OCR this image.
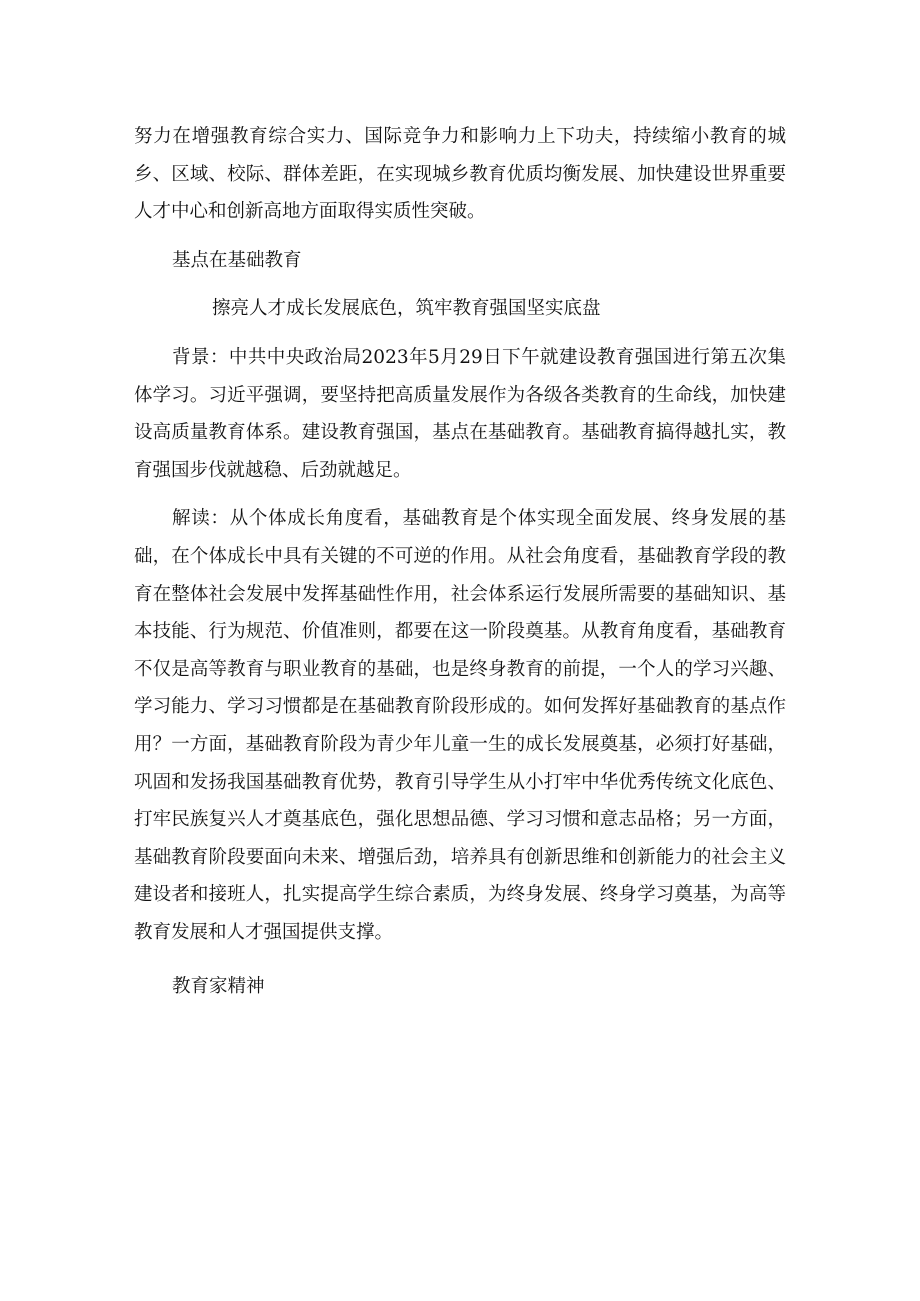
努力在增强教育综合实力、国际竞争力和影响力上下功夫，持续缩小教育的城乡、区域、校际、群体差距，在实现城乡教育优质均衡发展、加快建设世界重要人才中心和创新高地方面取得实质性突破。

基点在基础教育

擦亮人才成长发展底色，筑牢教育强国坚实底盘

背景：中共中央政治局2023年5月29日下午就建设教育强国进行第五次集体学习。习近平强调，要坚持把高质量发展作为各级各类教育的生命线，加快建设高质量教育体系。建设教育强国，基点在基础教育。基础教育搞得越扎实，教育强国步伐就越稳、后劲就越足。

解读：从个体成长角度看，基础教育是个体实现全面发展、终身发展的基础，在个体成长中具有关键的不可逆的作用。从社会角度看，基础教育学段的教育在整体社会发展中发挥基础性作用，社会体系运行发展所需要的基础知识、基本技能、行为规范、价值准则，都要在这一阶段奠基。从教育角度看，基础教育不仅是高等教育与职业教育的基础，也是终身教育的前提，一个人的学习兴趣、学习能力、学习习惯都是在基础教育阶段形成的。如何发挥好基础教育的基点作用？一方面，基础教育阶段为青少年儿童一生的成长发展奠基，必须打好基础，巩固和发扬我国基础教育优势，教育引导学生从小打牢中华优秀传统文化底色、打牢民族复兴人才奠基底色，强化思想品德、学习习惯和意志品格；另一方面，基础教育阶段要面向未来、增强后劲，培养具有创新思维和创新能力的社会主义建设者和接班人，扎实提高学生综合素质，为终身发展、终身学习奠基，为高等教育发展和人才强国提供支撑。

教育家精神
